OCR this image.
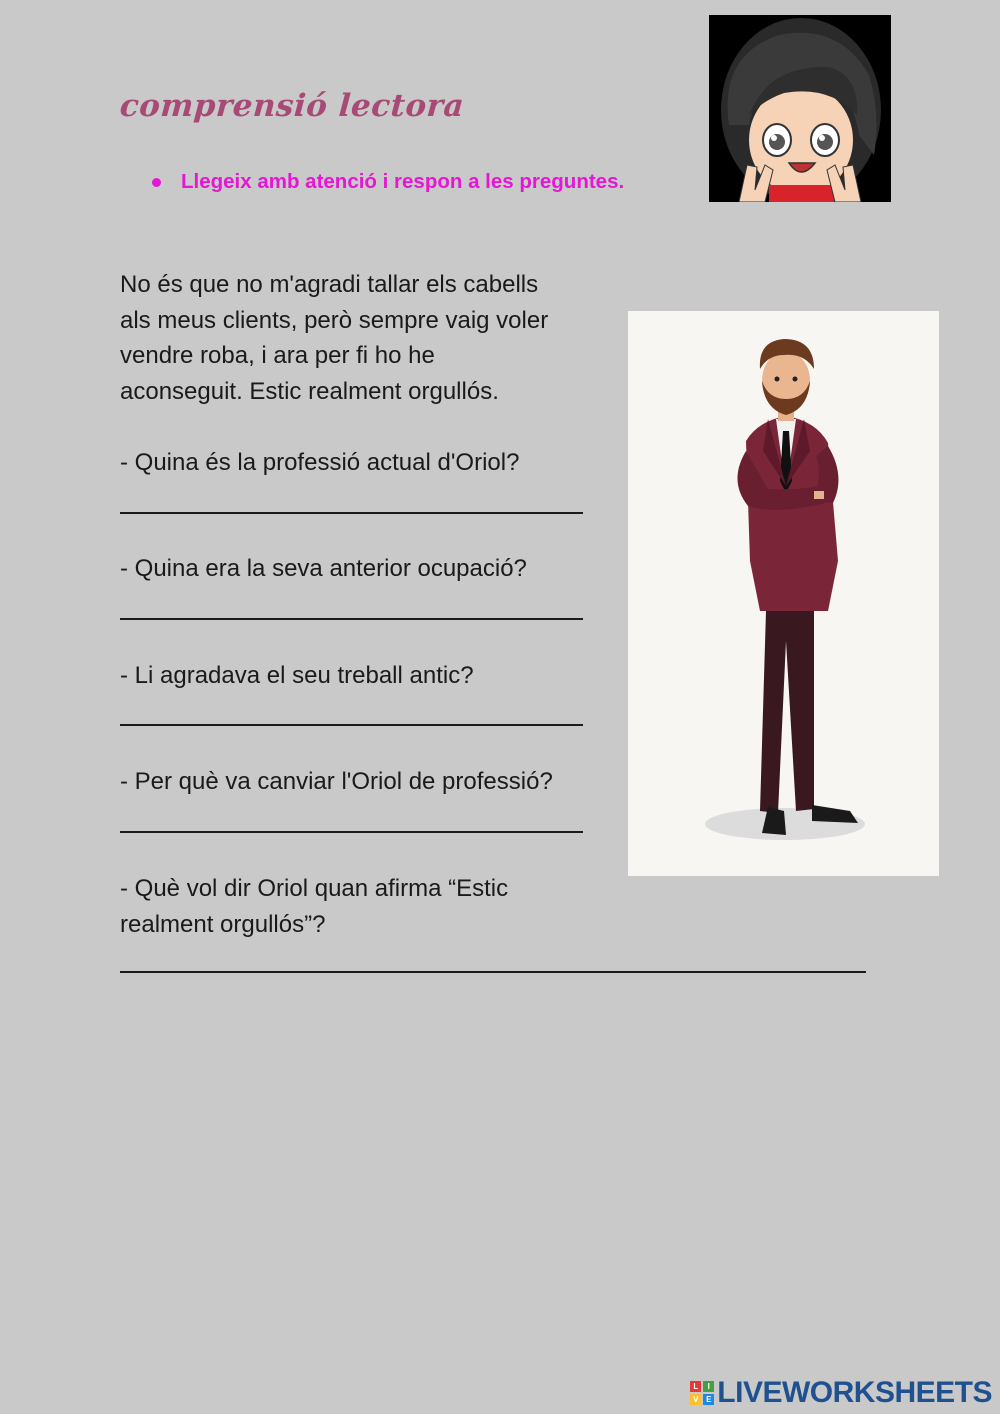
comprensió lectora
Llegeix amb atenció i respon a les preguntes.
No és que no m'agradi tallar els cabells
als meus clients, però sempre vaig voler
vendre roba, i ara per fi ho he
aconseguit. Estic realment orgullós.
- Quina és la professió actual d'Oriol?
- Quina era la seva anterior ocupació?
- Li agradava el seu treball antic?
- Per què va canviar l'Oriol de professió?
- Què vol dir Oriol quan afirma “Estic
realment orgullós”?
L	I
V E LIVEWORKSHEETS
